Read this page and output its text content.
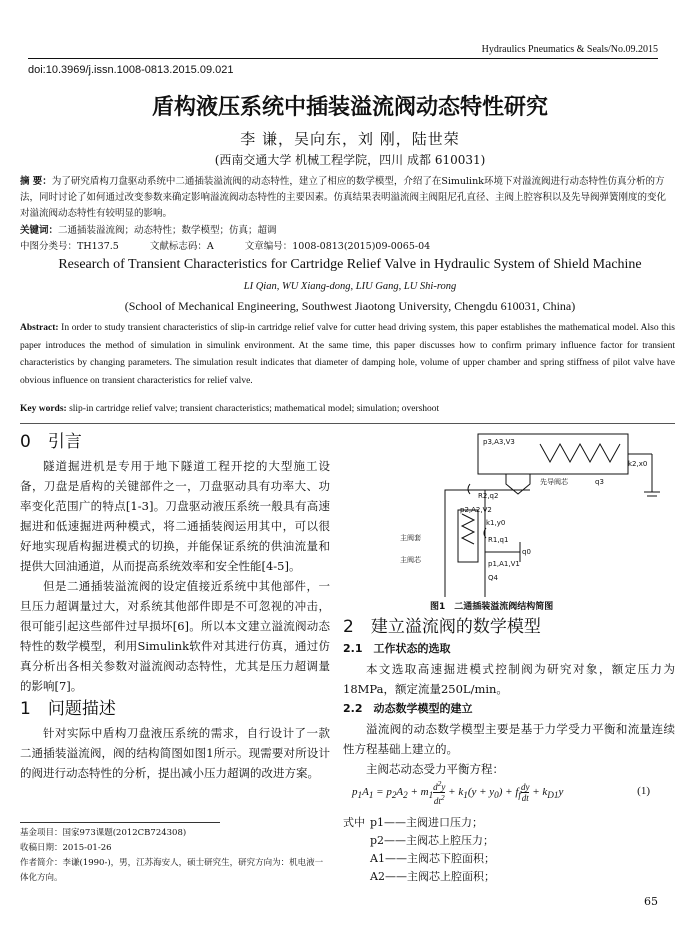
Hydraulics Pneumatics & Seals/No.09.2015
doi:10.3969/j.issn.1008-0813.2015.09.021
盾构液压系统中插装溢流阀动态特性研究
李 谦，吴向东，刘 刚，陆世荣
(西南交通大学 机械工程学院，四川 成都 610031)
摘 要：为了研究盾构刀盘驱动系统中二通插装溢流阀的动态特性，建立了相应的数学模型，介绍了在Simulink环境下对溢流阀进行动态特性仿真分析的方法，同时讨论了如何通过改变参数来确定影响溢流阀动态特性的主要因素。仿真结果表明溢流阀主阀阻尼孔直径、主阀上腔容积以及先导阀弹簧刚度的变化对溢流阀动态特性有较明显的影响。
关键词：二通插装溢流阀；动态特性；数学模型；仿真；超调
中图分类号：TH137.5	文献标志码：A	文章编号：1008-0813(2015)09-0065-04
Research of Transient Characteristics for Cartridge Relief Valve in Hydraulic System of Shield Machine
LI Qian, WU Xiang-dong, LIU Gang, LU Shi-rong
(School of Mechanical Engineering, Southwest Jiaotong University, Chengdu 610031, China)
Abstract: In order to study transient characteristics of slip-in cartridge relief valve for cutter head driving system, this paper establishes the mathematical model. Also this paper introduces the method of simulation in simulink environment. At the same time, this paper discusses how to confirm primary influence factor for transient characteristics by changing parameters. The simulation result indicates that diameter of damping hole, volume of upper chamber and spring stiffness of pilot valve have obvious influence on transient characteristics for relief valve.
Key words: slip-in cartridge relief valve; transient characteristics; mathematical model; simulation; overshoot
0　引言

隧道掘进机是专用于地下隧道工程开挖的大型施工设备，刀盘是盾构的关键部件之一，刀盘驱动具有功率大、功率变化范围广的特点[1-3]。刀盘驱动液压系统一般具有高速掘进和低速掘进两种模式，将二通插装阀运用其中，可以很好地实现盾构掘进模式的切换，并能保证系统的供油流量和提供大回油通道，从而提高系统效率和安全性能[4-5]。

但是二通插装溢流阀的设定值接近系统中其他部件，一旦压力超调量过大，对系统其他部件即是不可忽视的冲击，很可能引起这些部件过早损坏[6]。所以本文建立溢流阀动态特性的数学模型，利用Simulink软件对其进行仿真，通过仿真分析出各相关参数对溢流阀动态特性，尤其是压力超调量的影响[7]。

1　问题描述

针对实际中盾构刀盘液压系统的需求，自行设计了一款二通插装溢流阀，阀的结构简图如图1所示。现需要对所设计的阀进行动态特性的分析，提出减小压力超调的改进方案。

基金项目：国家973课题(2012CB724308)
收稿日期：2015-01-26
作者简介：李谦(1990-)，男，江苏海安人，硕士研究生，研究方向为：机电液一体化方向。
p3,A3,V3
k2,x0
先导阀芯	q3
R2,q2
p2,A2,V2
k1,y0
R1,q1
q0
主阀套
主阀芯	p1,A1,V1
Q4
图1　二通插装溢流阀结构简图
2　建立溢流阀的数学模型
2.1　工作状态的选取

本文选取高速掘进模式控制阀为研究对象，额定压力为18MPa，额定流量250L/min。

2.2　动态数学模型的建立

溢流阀的动态数学模型主要是基于力学受力平衡和流量连续性方程基础上建立的。

主阀芯动态受力平衡方程：

$p_1A_1 = p_2A_2 + m_1 \frac{d^2y}{dt^2} + k_1(y + y_0) + f_f \frac{dy}{dt} + k_{D1}y$	(1)
式中 p1——主阀进口压力；
p2——主阀芯上腔压力；
A1——主阀芯下腔面积；
A2——主阀芯上腔面积；
65
